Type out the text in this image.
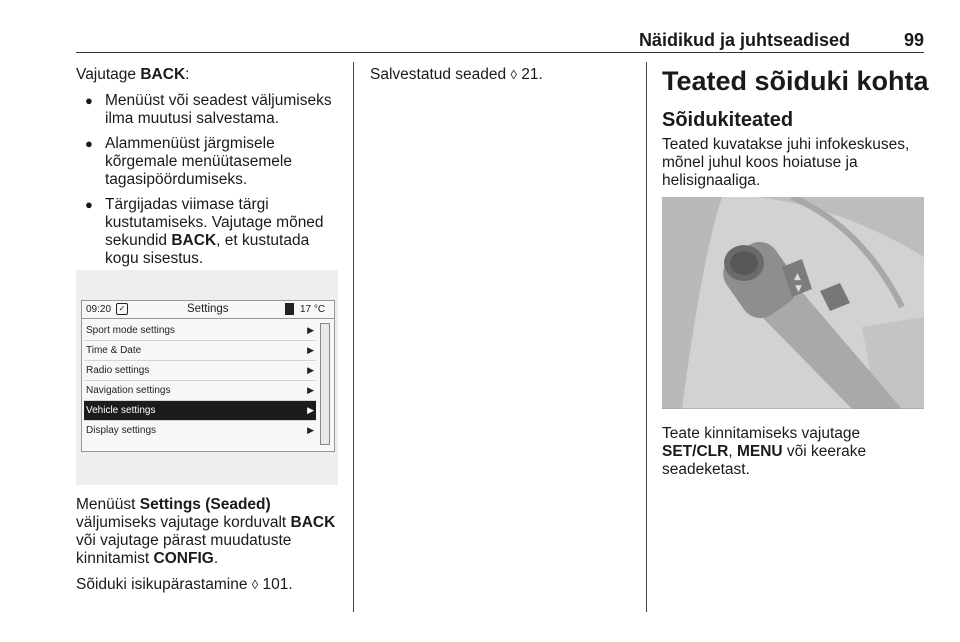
Näidikud ja juhtseadised	99

Vajutage BACK:

● Menüüst või seadest väljumiseks ilma muutusi salvestama.
● Alammenüüst järgmisele kõrgemale menüütasemele tagasipöördumiseks.
● Tärgijadas viimase tärgi kustutamiseks. Vajutage mõned sekundid BACK, et kustutada kogu sisestus.
09:20 ✓	Settings	17 °C
Sport mode settings	▶
Time & Date	▶
Radio settings	▶
Navigation settings	▶
Vehicle settings	▶
Display settings	▶

Menüüst Settings (Seaded) väljumiseks vajutage korduvalt BACK või vajutage pärast muudatuste kinnitamist CONFIG.

Sõiduki isikupärastamine ◊ 101.

Salvestatud seaded ◊ 21.	Teated sõiduki kohta
Sõidukiteated

Teated kuvatakse juhi infokeskuses, mõnel juhul koos hoiatuse ja helisignaaliga.

▲
▼

Teate kinnitamiseks vajutage SET/CLR, MENU või keerake seadeketast.
